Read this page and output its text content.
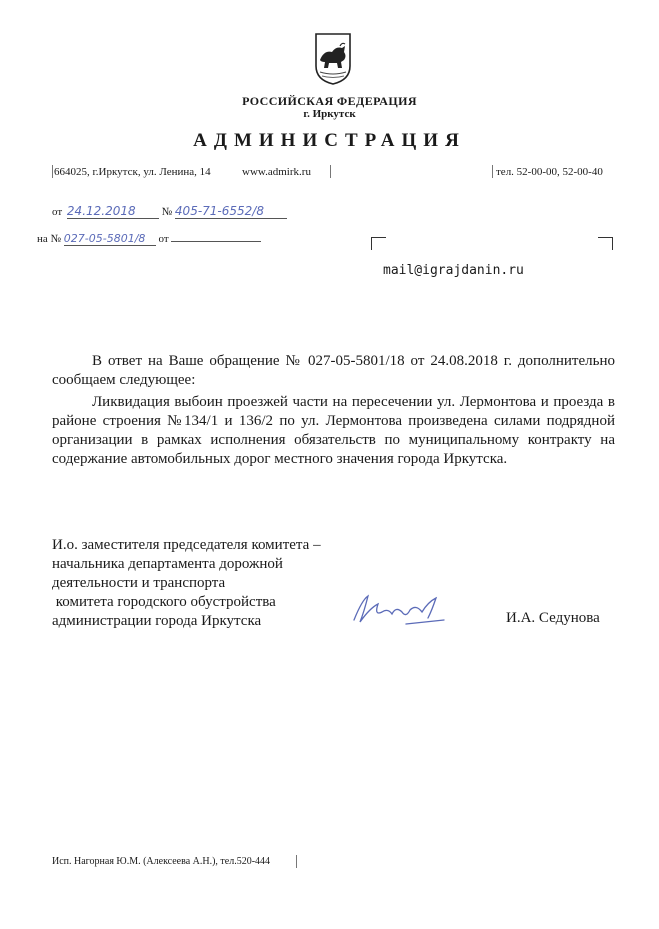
РОССИЙСКАЯ ФЕДЕРАЦИЯ
г. Иркутск
АДМИНИСТРАЦИЯ
664025, г.Иркутск, ул. Ленина, 14	www.admirk.ru	тел. 52-00-00, 52-00-40
от 24.12.2018 № 405-71-6552/8
на № 027-05-5801/8 от
mail@igrajdanin.ru
В ответ на Ваше обращение № 027-05-5801/18 от 24.08.2018 г. дополнительно сообщаем следующее:
Ликвидация выбоин проезжей части на пересечении ул. Лермонтова и проезда в районе строения №134/1 и 136/2 по ул. Лермонтова произведена силами подрядной организации в рамках исполнения обязательств по муниципальному контракту на содержание автомобильных дорог местного значения города Иркутска.
И.о. заместителя председателя комитета –
начальника департамента дорожной
деятельности и транспорта
комитета городского обустройства
администрации города Иркутска	И.А. Седунова
Исп. Нагорная Ю.М. (Алексеева А.Н.), тел.520-444
